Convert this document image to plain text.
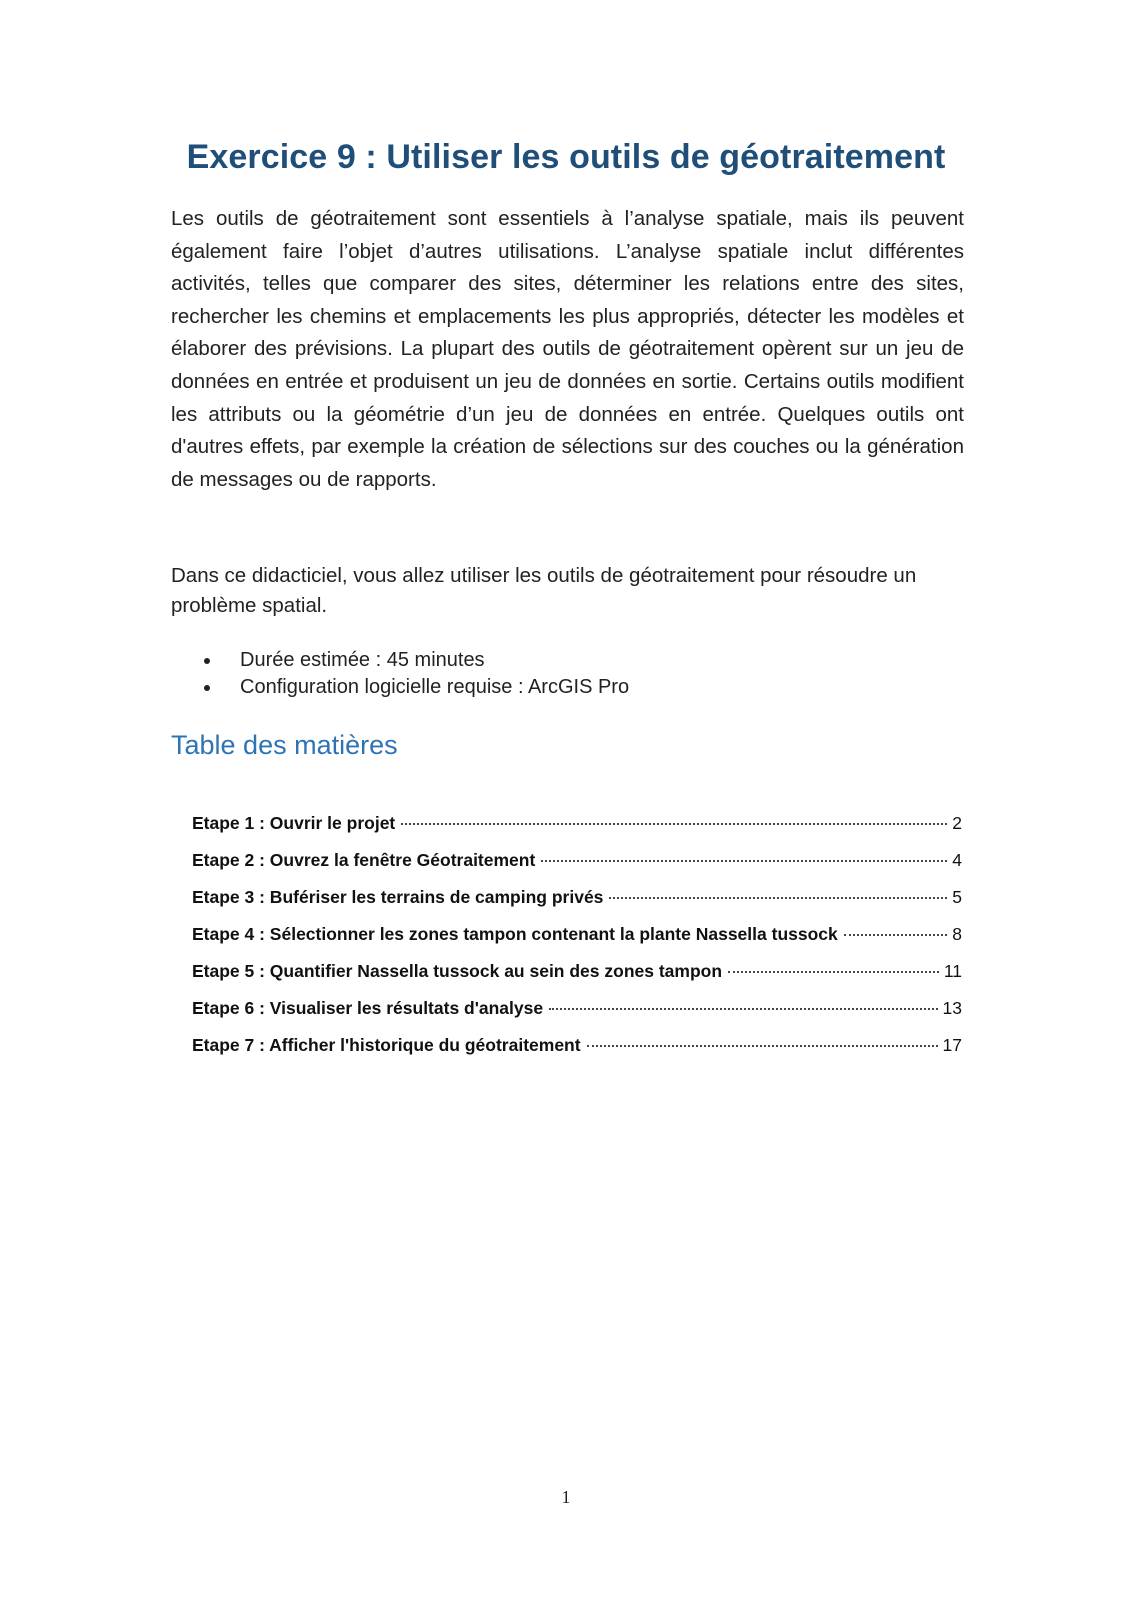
Exercice 9 : Utiliser les outils de géotraitement

Les outils de géotraitement sont essentiels à l’analyse spatiale, mais ils peuvent également faire l’objet d’autres utilisations. L’analyse spatiale inclut différentes activités, telles que comparer des sites, déterminer les relations entre des sites, rechercher les chemins et emplacements les plus appropriés, détecter les modèles et élaborer des prévisions. La plupart des outils de géotraitement opèrent sur un jeu de données en entrée et produisent un jeu de données en sortie. Certains outils modifient les attributs ou la géométrie d’un jeu de données en entrée. Quelques outils ont d'autres effets, par exemple la création de sélections sur des couches ou la génération de messages ou de rapports.

Dans ce didacticiel, vous allez utiliser les outils de géotraitement pour résoudre un problème spatial.

Durée estimée : 45 minutes
Configuration logicielle requise : ArcGIS Pro
Table des matières
Etape 1 : Ouvrir le projet	2
Etape 2 : Ouvrez la fenêtre Géotraitement	4
Etape 3 : Bufériser les terrains de camping privés	5
Etape 4 : Sélectionner les zones tampon contenant la plante Nassella tussock	8
Etape 5 : Quantifier Nassella tussock au sein des zones tampon	11
Etape 6 : Visualiser les résultats d'analyse	13
Etape 7 : Afficher l'historique du géotraitement	17
1
